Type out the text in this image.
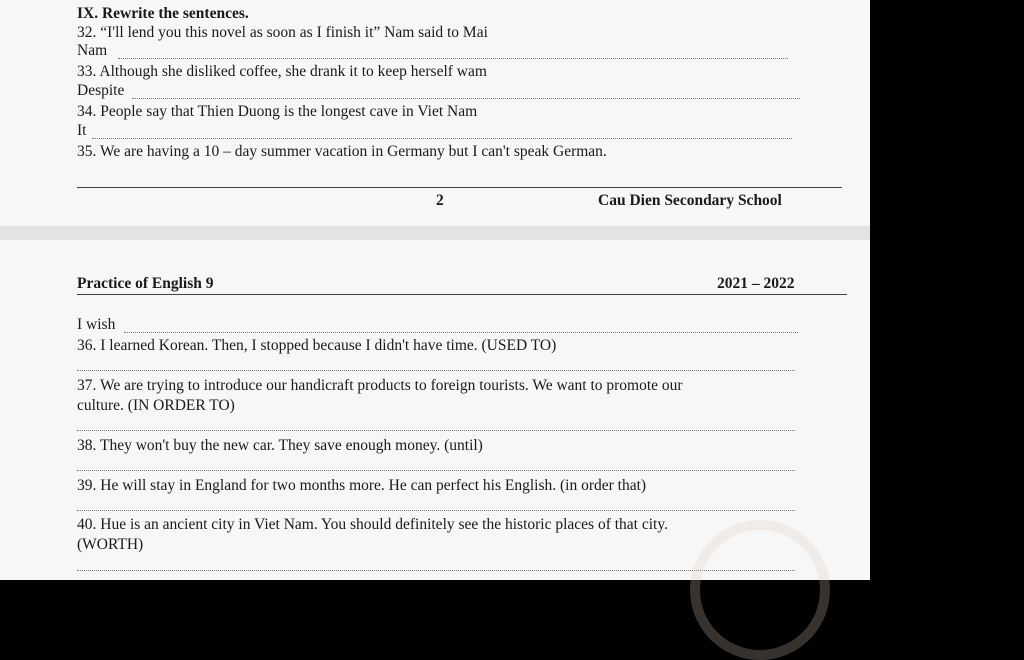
IX. Rewrite the sentences.
32. “I'll lend you this novel as soon as I finish it” Nam said to Mai
Nam
33. Although she disliked coffee, she drank it to keep herself wam
Despite
34. People say that Thien Duong is the longest cave in Viet Nam
It
35. We are having a 10 – day summer vacation in Germany but I can't speak German.
2	Cau Dien Secondary School
Practice of English 9	2021 – 2022
I wish
36. I learned Korean. Then, I stopped because I didn't have time. (USED TO)
37. We are trying to introduce our handicraft products to foreign tourists. We want to promote our
culture. (IN ORDER TO)
38. They won't buy the new car. They save enough money. (until)
39. He will stay in England for two months more. He can perfect his English. (in order that)
40. Hue is an ancient city in Viet Nam. You should definitely see the historic places of that city.
(WORTH)
